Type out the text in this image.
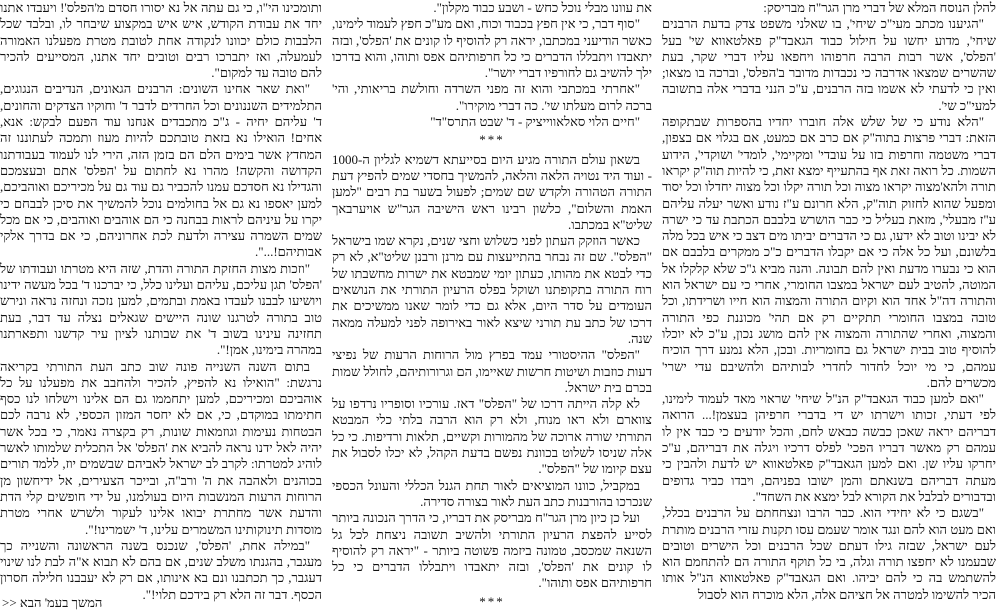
להלן הנוסח המלא של דברי מרן הגר"ח מבריסק:

"הגיענו מכתב מעי"כ שיחי', בו שאלני משפט צדק בדעת הרבנים שיחי', מדוע יחשו על חילול כבוד הגאבד"ק פאלטאווא שי' בעל 'הפלס', אשר רבות הרבה חרפוהו ויחפאו עליו דברי שקר, בעת שהשרים שמצאו אדרבה כי נכבדות מדובר ב'הפלס', וברכה בו מצאו; ואין כי לדעתי לא אשמו בזה הרבנים, ע"כ הנני בדברי אלה בתשובה למעי"כ שי'.

"הלא נודע כי של שלש אלה חוברו יחדיו בהספרות שבתקופה הזאת: דברי פרצות בתוה"ק אם כרב אם כמעט, אם בגלוי אם בצפון, דברי משטמה וחרפות בזו על עובדי' ומקיימי', לומדי' ושוקדי', הידוע השמות. כל רואה זאת אף בהתעייף ימצא זאת, כי להיות תוה"ק יקראו תורה ולהא'מצוה יקראו מצוה וכל תורה יקלו וכל מצוה יחדלו וכל יסוד ומפעל שהוא לחזוק תוה"ק, הלא חרונם ע"ז נודע ואשר יעלה עליהם ע"ז מבעלי', מזאת בעליל כי כבר הושרש בלבבם הכתבת עד כי ישרה לא יבינו וטוב לא ידעו, גם כי הדברים יביתו מים דצב כי איש בכל מלה בלשונם, ועל כל אלה כי אם יקבלו הדברים כ"כ ממקרים בלבבם אם הוא כי נבערו מדעת ואין להם תבונה. והנה מביא ג"כ שלא קלקלו אל המוטה, להטיב לעם ישראל במצבו החומרי, אחרי כי עם ישראל הוא והתורה דה"ל אחד הוא וקיום התורה והמצוה הוא חייו ושרידתו, וכל טובה במצבו החומרי תתקיים רק אם תהי' מכוננת כפי התורה והמצוה, ואחרי שהתורה והמצוה אין להם מושג נכון, ע"כ לא יוכלו להוסיף טוב בבית ישראל גם בחומריות. ובכן, הלא נמנע דרך הוכיח עמהם, כי מי יוכל לחדור לחדרי לבותיהם ולהשיבם עדי ישרי' מכשרים להם.

"ואם למען כבוד הגאבד"ק הנ"ל שיחי' שראוי מאד לעמוד לימינו, לפי דעתי, זכותו וישרתו יש די בדברי חרפיהן בעצמן!... הרואה דבריהם יראה שאכן כבשה כבאש לחם, והכל יודעים כי כבד אין לו עמהם רק מאשר דבריו הפכי' לפלס דרכיו ויגלה את דבריהם, ע"כ יחרקו עליו שן. ואם למען הגאבד"ק פאלטאווא יש לדעת ולהבין כי מעתה דבריהם בשנאתם והמן ישובו בפניהם, ויבדו כביר גדופים ובדבורים לבלבל את הקורא לבל ימצא את השחד".

"בשגם כי לא יחידי הוא. כבר הרבו ונצחחתם על הרבנים בכלל, ואם מעט הוא להם ונגד אומר שעמם עסו תקנות עזרי הרבנים מותרת לעם ישראל, שבזה גילו דעתם שכל הרבנים וכל הישרים וטובים שבעמנו לא יחפצו תורה וגלה, בי כל תוקף התורה הם להתחמם הוא להשתמש בה כי להם יביהו. ואם הגאבד"ק פאלטאווא הנ"ל אותו הכיר להשימו למטרה אל חציהם אלה, הלא מוכרח הוא לסבול

את עוונו מבלי נוכל כחש - ושבע כבוד מקלון".

"סוף דבר, כי אין חפץ בכבוד וכוח, ואם מע"כ חפץ לעמוד לימינו, כאשר הודיעני במכתבו, יראה רק להוסיף לו קונים את 'הפלס', ובזה יתאבדו ויתבללו הדברים כי כל חרפותיהם אפס ותוהו, והוא בדרכו ילך להשיב גם לחורפיו דברי יושר".

"אחרתי במכתבי והוא זה מפני השרדה וחולשת בריאותי, והי' ברכה לרום מעלתו שי'. כה דברי מוקירו".

"חיים הלוי סאלאווייציק - ד' שבט התרס"ד"

***

בשאון עולם התורה מגיע היום בסייעתא דשמיא לגליון ה-1000 - ועוד היד נטויה הלאה והלאה, להמשיך בחסדי שמים להפיץ דעת התורה הטהורה ולקדש שם שמים; לפעול בשער בת רבים "למען האמת והשלום", כלשון רבינו ראש הישיבה הגר"ש אויערבאך שליט"א במכתבו.

כאשר הוזקק העתון לפני כשלוש וחצי שנים, נקרא שמו בישראל "הפלס". שם זה נבחר בהתייעצות עם מרנן ורבנן שליט"א, לא רק כדי לבטא את מהותו, כעתון יומי שמבטא את ישרות מחשבתו של רוח התורה בתקופתנו ושוקל בפלס הרעיון התורתי את הנושאים העומדים על סדר היום, אלא גם כדי לומר שאנו ממשיכים את דרכו של כתב עת תורני שיצא לאור באירופה לפני למעלה ממאה שנה.

"הפלס" ההיסטורי עמד בפרץ מול הרוחות הרעות של נפיצי דעות כוזבות ושיטות חרשות שאיימו, הם וגרורותיהם, לחולל שמות בכרם בית ישראל.

לא קלה הייתה דרכו של "הפלס" דאז. עורכיו וסופריו נרדפו על צווארם ולא ראו מנוח, ולא רק הוא הרבה בלתי כלי המבטא התורתי שורה ארוכה של מהמורות וקשיים, תלאות ורדיפות. כי כל אלה שניסו לשלוט בכוונת נפשם בדעת הקהל, לא יכלו לסבול את עצם קיומו של "הפלס".

במקביל, כוונו המוציאים לאור תחת הגנל הכללי והעונל הכספי שנכרכו בהורבנות כתב העת לאור בצורה סדירה.

ועל כן כיון מרן הגר"ח מבריסק את דבריו, כי הדרך הנכונה ביותר לסייע להפצת הרעיון התורתי ולהשיב תשובה ניצחת לכל גל השנאה שמכסב, טמונה ביזמה פשוטה ביותר - "יראה רק להוסיף לו קונים את 'הפלס', ובזה יתאבדו ויתבללו הדברים כי כל חרפותיהם אפס ותוהו".

***

ותומכינו הי"ו, כי גם עתה אל נא יסורו חסדם מ'הפלס'! ויעבדו אתנו יחד את עבודת הקודש, איש איש במקצוע שיבחר לו, ובלבד שכל הלבבות כולם יכוונו לנקודה אחת לטובת מטרת מפעלנו האמורה לעמעלה, ואז יתברכו רבים וטובים יחד אתנו, המסייעים להכיר להם טובה עד למקום".

"ואת שאר אחינו השונים: הרבנים הגאונים, הנדיבים הנגוגים, התלמידים השננונים וכל החרדים לדבר ד' וחוקיו הצדקים והחונים, ד' עליהם יחיה - ג"כ מתכבדים אנחנו עוד הפעם לבקש: אנא, אחים! הואילו נא בזאת טובתכם להיות מעוז ותמכה לעתוננו זה המחדץ אשר בימים הלם הם בזמן הזה, הירי לנו לעמוד בעבודתנו הקדושה והקשה! מהרו נא לחתום על 'הפלס' אתם ובעצמכם והגדילו נא חסדכם עמנו להכביר גם עוד גם על מכיריכם ואוהביכם, למען יאספו נא גם אל בחולמים נוכל להמשיך את סיכן לבבחם כי יקרו על עיניהם לראות בבחנה כי הם אוהבים ואוהבים, כי אם מכל שמים השמרה עצירה ולדעת לכת אחרוניהם, כי אם בדרך אלקי אבותיהם!...".

"וזכות מצות החזקת התורה והדת, שזה היא מטרתו ועבודתו של 'הפלס' תגן עליכם, עליהם ועלינו כלל, כי יברכנו ד' בכל מעשה ידינו ויושיעו לבבנו לעבדו באמת ובתמים, למען נזכה ונחזה נראה ונירש טוב בתורה לטרגנו שונה היישים שגאלים נצלה עד דבר, בעת תחזינה עינינו בשוב ד' את שבותנו לציון עיר קדשנו ותפארתנו במהרה בימינו, אמן!".

בתום השנה השנייה פונה שוב כתב העת התורתי בקריאה נרגשת: "הואילו נא להפיץ, להכיר ולהחבב את מפעלנו על כל אוהביכם ומכיריכם, למען יתחממו גם הם אלינו וישלחו לנו כסף חתימתו במוקדם, כי, אם לא יחסר המזון הכספי, לא נרבה לכם הבטחות נעימות וגוזמאות שונות, רק בקצרה נאמר, כי בכל אשר יהיה לאל ידנו נראה להביא את 'הפלס' אל התכלית שלמותו לאשר לוהיג למטרתו: לקרב לב ישראל לאביהם שבשמים יוז, ללמד תורים בכוהנים ולאהבה את ה' ורב"ה, ובייכר הצעירים, אל ידיחשון מן הרוחות הרעות המנשבות היום בעולמנו, על ידי חופשים קלי הדת והדעת אשר מחתרת יבואו אלינו לעקור ולשרש אחרי מטרת מוסדות תינוקותינו המשמרים עלינו, ד' ישמרינו!".

"במילה אחת, 'הפלס', שנכנס בשנה הראשונה והשנייה כך מעגבר, בהגנתו משלב שנים, אם בהם לא תבוא א"ה לבת לנו שינוי דעגבר, כך תכתבנו ונם בא אינותו, אם רק לא יעבבנו חלילה חסרון הכסף. דבר זה הלא רק בידכם תלוי!".

>> המשך בעמ' הבא
